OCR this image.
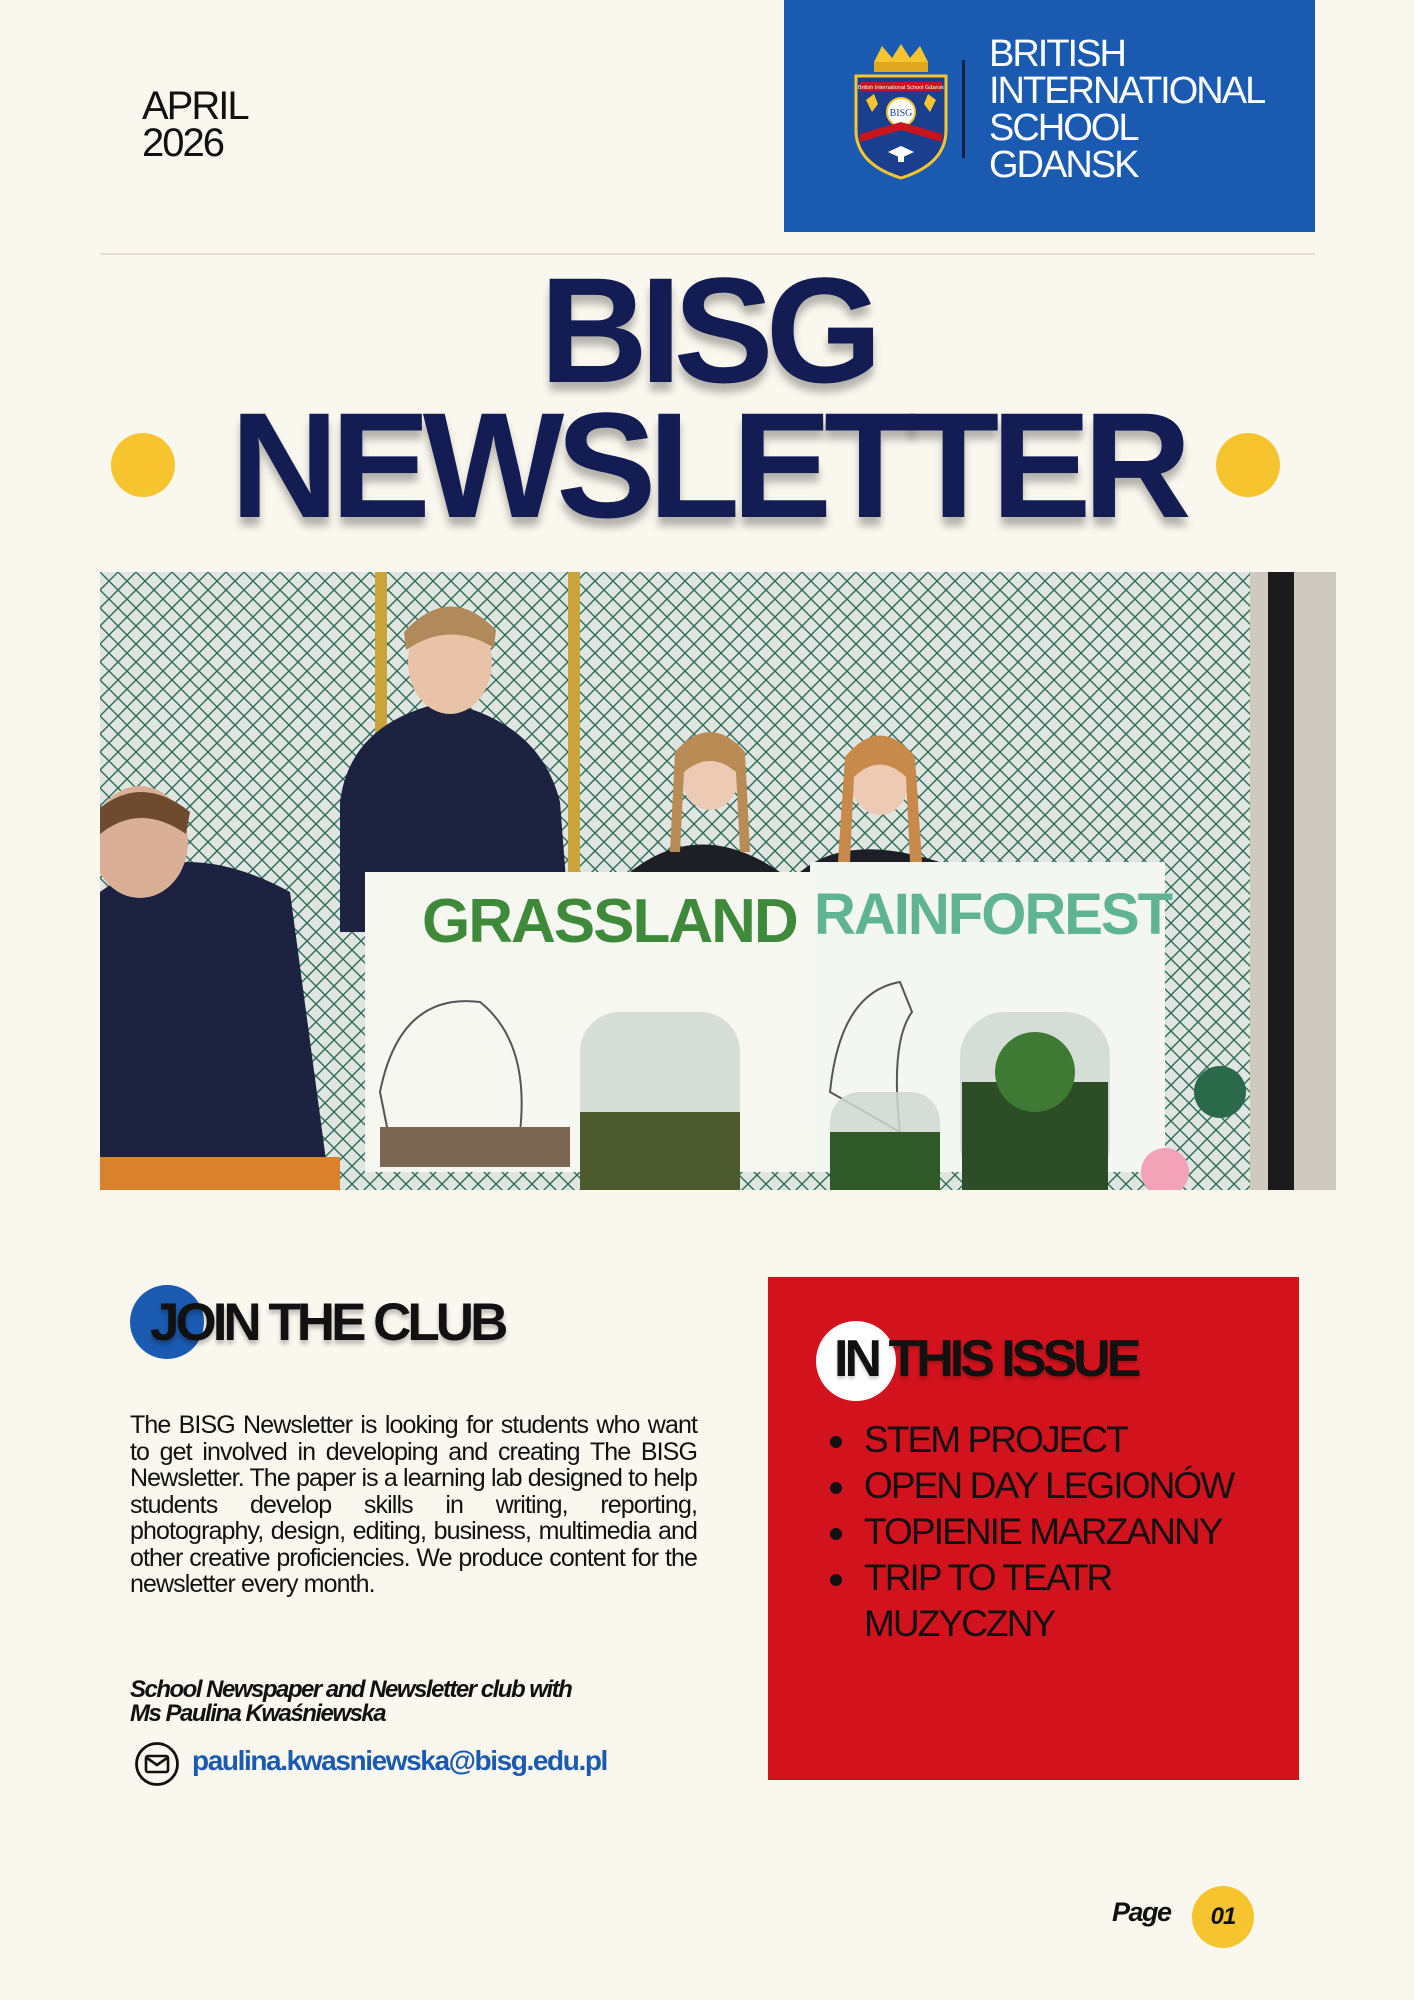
APRIL
2026
British International School Gdansk
BISG
BRITISH
INTERNATIONAL
SCHOOL
GDANSK
BISG
NEWSLETTER
GRASSLAND RAINFOREST
JOIN THE CLUB
The BISG Newsletter is looking for students who want to get involved in developing and creating The BISG Newsletter. The paper is a learning lab designed to help students develop skills in writing, reporting, photography, design, editing, business, multimedia and other creative proficiencies. We produce content for the newsletter every month.
School Newspaper and Newsletter club with
Ms Paulina Kwaśniewska
paulina.kwasniewska@bisg.edu.pl
IN THIS ISSUE
STEM PROJECT
OPEN DAY LEGIONÓW
TOPIENIE MARZANNY
TRIP TO TEATR MUZYCZNY
Page	01
